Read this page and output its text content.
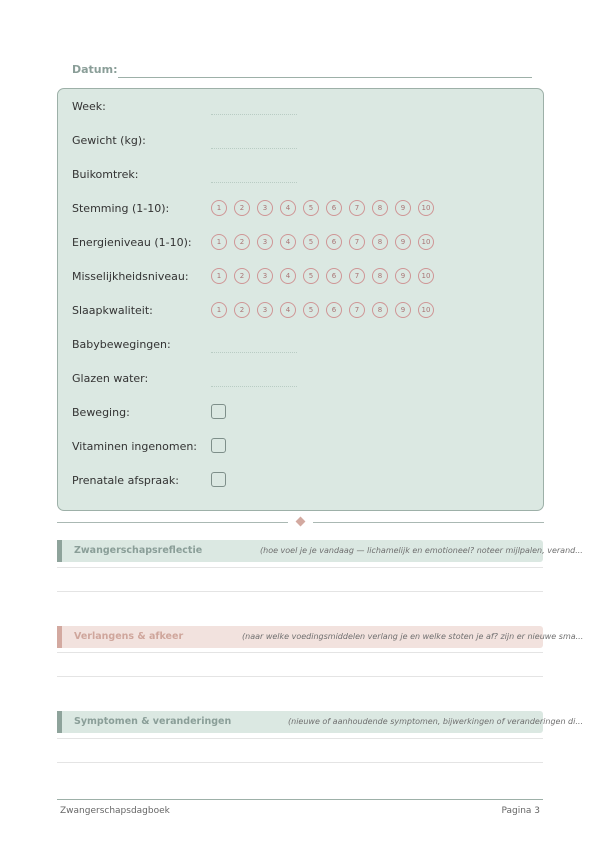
Datum:
Week:
Gewicht (kg):
Buikomtrek:
Stemming (1-10):	1	2	3	4	5	6	7	8	9	10
Energieniveau (1-10):	1	2	3	4	5	6	7	8	9	10
Misselijkheidsniveau:	1	2	3	4	5	6	7	8	9	10
Slaapkwaliteit:	1	2	3	4	5	6	7	8	9	10
Babybewegingen:
Glazen water:
Beweging:
Vitaminen ingenomen:
Prenatale afspraak:
Zwangerschapsreflectie	(hoe voel je je vandaag — lichamelijk en emotioneel? noteer mijlpalen, verand...
Verlangens & afkeer	(naar welke voedingsmiddelen verlang je en welke stoten je af? zijn er nieuwe sma...
Symptomen & veranderingen	(nieuwe of aanhoudende symptomen, bijwerkingen of veranderingen di...
Zwangerschapsdagboek	Pagina 3
